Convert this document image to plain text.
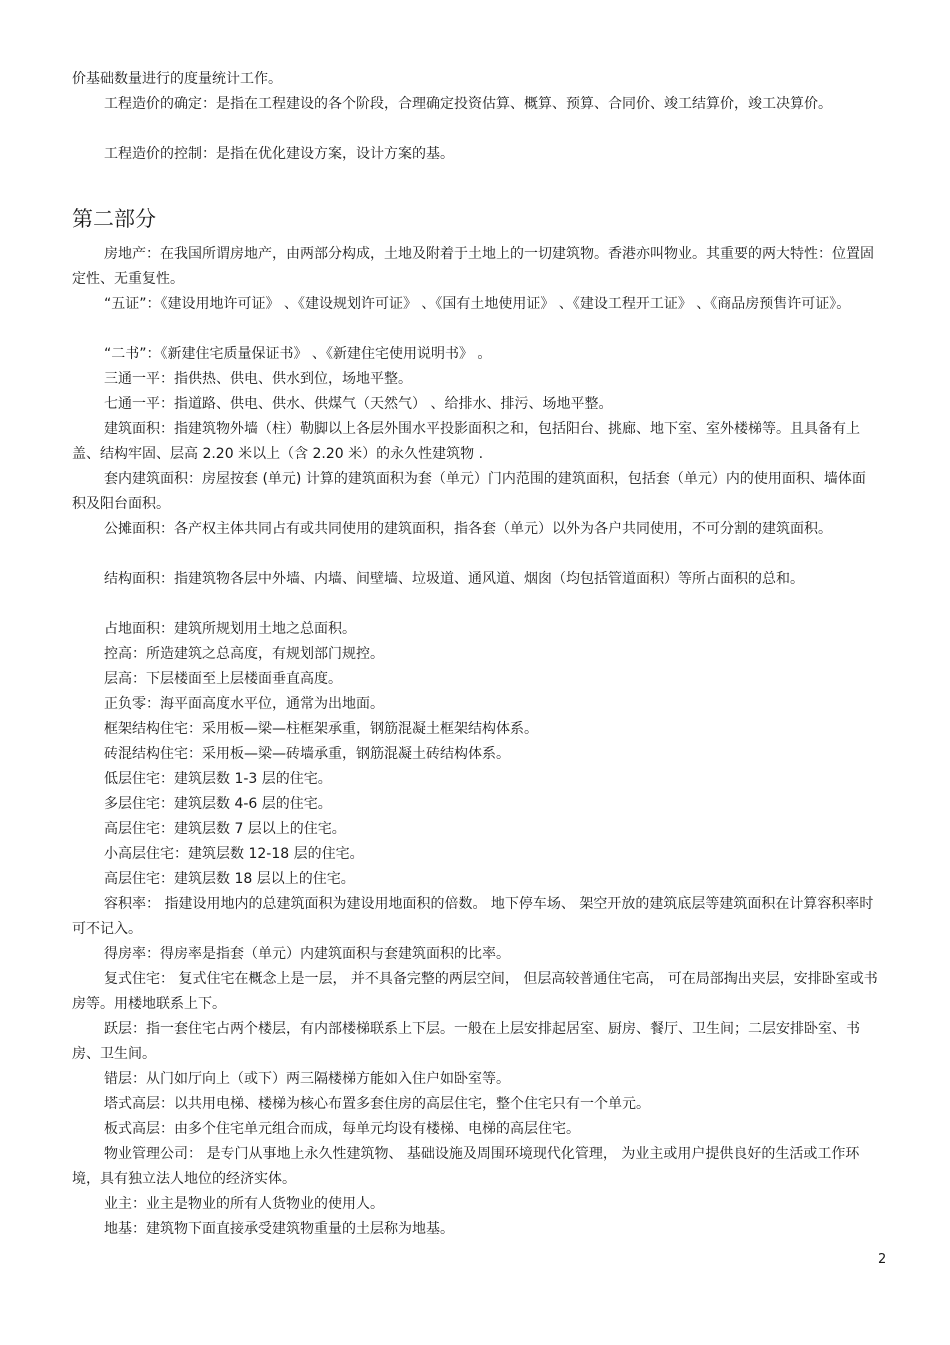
价基础数量进行的度量统计工作。

工程造价的确定：是指在工程建设的各个阶段，合理确定投资估算、概算、预算、合同价、竣工结算价，竣工决算价。

工程造价的控制：是指在优化建设方案，设计方案的基。

第二部分

房地产：在我国所谓房地产，由两部分构成，土地及附着于土地上的一切建筑物。香港亦叫物业。其重要的两大特性：位置固定性、无重复性。

“五证”：《建设用地许可证》 、《建设规划许可证》 、《国有土地使用证》 、《建设工程开工证》 、《商品房预售许可证》。

“二书”：《新建住宅质量保证书》 、《新建住宅使用说明书》 。

三通一平：指供热、供电、供水到位，场地平整。

七通一平：指道路、供电、供水、供煤气（天然气） 、给排水、排污、场地平整。

建筑面积：指建筑物外墙（柱）勒脚以上各层外围水平投影面积之和，包括阳台、挑廊、地下室、室外楼梯等。且具备有上盖、结构牢固、层高 2.20 米以上（含 2.20 米）的永久性建筑物 .

套内建筑面积：房屋按套 (单元) 计算的建筑面积为套（单元）门内范围的建筑面积，包括套（单元）内的使用面积、墙体面积及阳台面积。

公摊面积：各产权主体共同占有或共同使用的建筑面积，指各套（单元）以外为各户共同使用，不可分割的建筑面积。

结构面积：指建筑物各层中外墙、内墙、间壁墙、垃圾道、通风道、烟囱（均包括管道面积）等所占面积的总和。

占地面积：建筑所规划用土地之总面积。

控高：所造建筑之总高度，有规划部门规控。

层高：下层楼面至上层楼面垂直高度。

正负零：海平面高度水平位，通常为出地面。

框架结构住宅：采用板—梁—柱框架承重，钢筋混凝土框架结构体系。

砖混结构住宅：采用板—梁—砖墙承重，钢筋混凝土砖结构体系。

低层住宅：建筑层数 1-3 层的住宅。

多层住宅：建筑层数 4-6 层的住宅。

高层住宅：建筑层数 7 层以上的住宅。

小高层住宅：建筑层数 12-18 层的住宅。

高层住宅：建筑层数 18 层以上的住宅。

容积率： 指建设用地内的总建筑面积为建设用地面积的倍数。 地下停车场、 架空开放的建筑底层等建筑面积在计算容积率时可不记入。

得房率：得房率是指套（单元）内建筑面积与套建筑面积的比率。

复式住宅： 复式住宅在概念上是一层， 并不具备完整的两层空间， 但层高较普通住宅高， 可在局部掏出夹层，安排卧室或书房等。用楼地联系上下。

跃层：指一套住宅占两个楼层，有内部楼梯联系上下层。一般在上层安排起居室、厨房、餐厅、卫生间；二层安排卧室、书房、卫生间。

错层：从门如厅向上（或下）两三隔楼梯方能如入住户如卧室等。

塔式高层：以共用电梯、楼梯为核心布置多套住房的高层住宅，整个住宅只有一个单元。

板式高层：由多个住宅单元组合而成，每单元均设有楼梯、电梯的高层住宅。

物业管理公司： 是专门从事地上永久性建筑物、 基础设施及周围环境现代化管理， 为业主或用户提供良好的生活或工作环境，具有独立法人地位的经济实体。

业主：业主是物业的所有人货物业的使用人。

地基：建筑物下面直接承受建筑物重量的土层称为地基。

2
